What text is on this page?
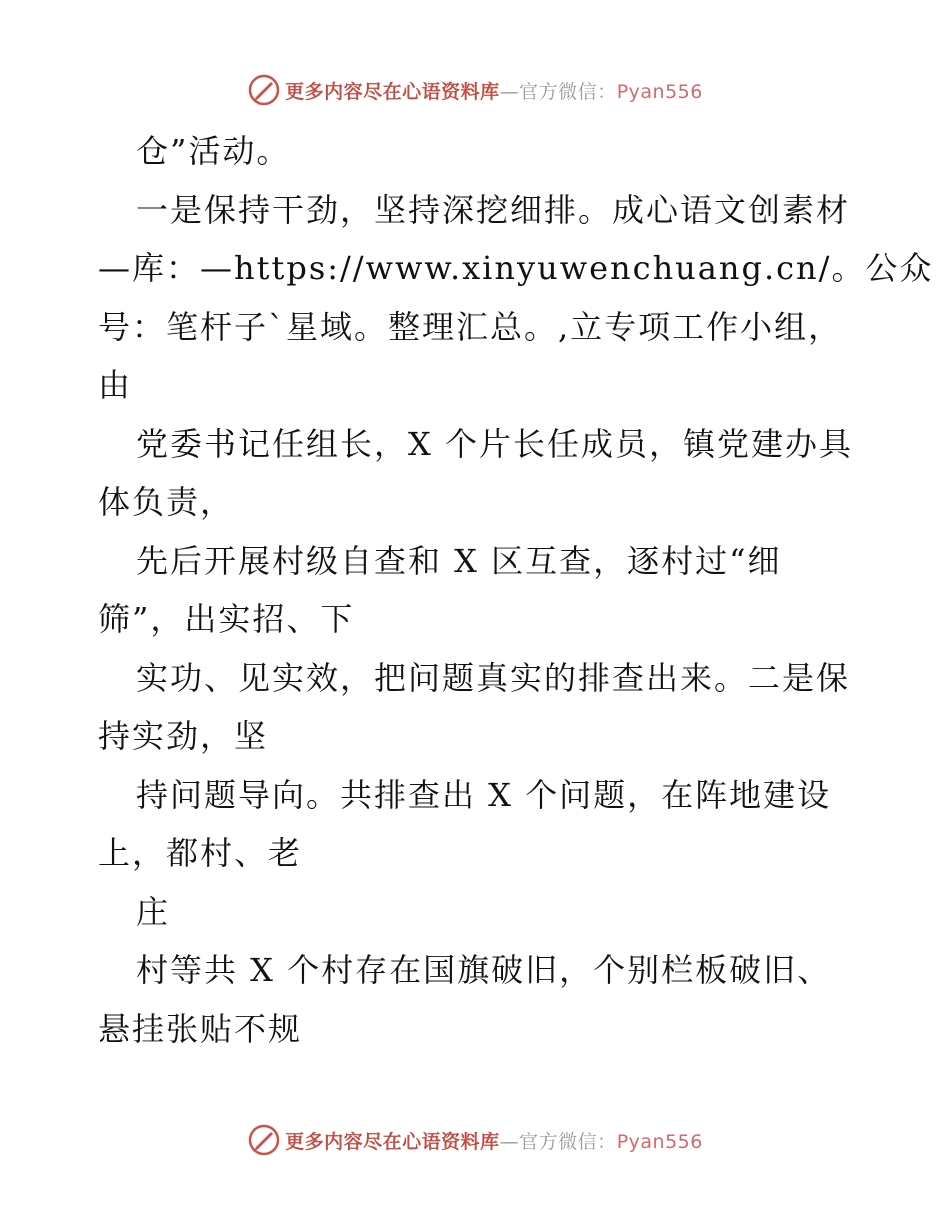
更多内容尽在心语资料库—官方微信：Pyan556
仓”活动。
一是保持干劲，坚持深挖细排。成心语文创素材
—库：—https://www.xinyuwenchuang.cn/。公众
号：笔杆子`星域。整理汇总。,立专项工作小组，
由
党委书记任组长，X 个片长任成员，镇党建办具
体负责，
先后开展村级自查和 X 区互查，逐村过“细
筛”，出实招、下
实功、见实效，把问题真实的排查出来。二是保
持实劲，坚
持问题导向。共排查出 X 个问题，在阵地建设
上，都村、老
庄
村等共 X 个村存在国旗破旧，个别栏板破旧、
悬挂张贴不规
更多内容尽在心语资料库—官方微信：Pyan556
